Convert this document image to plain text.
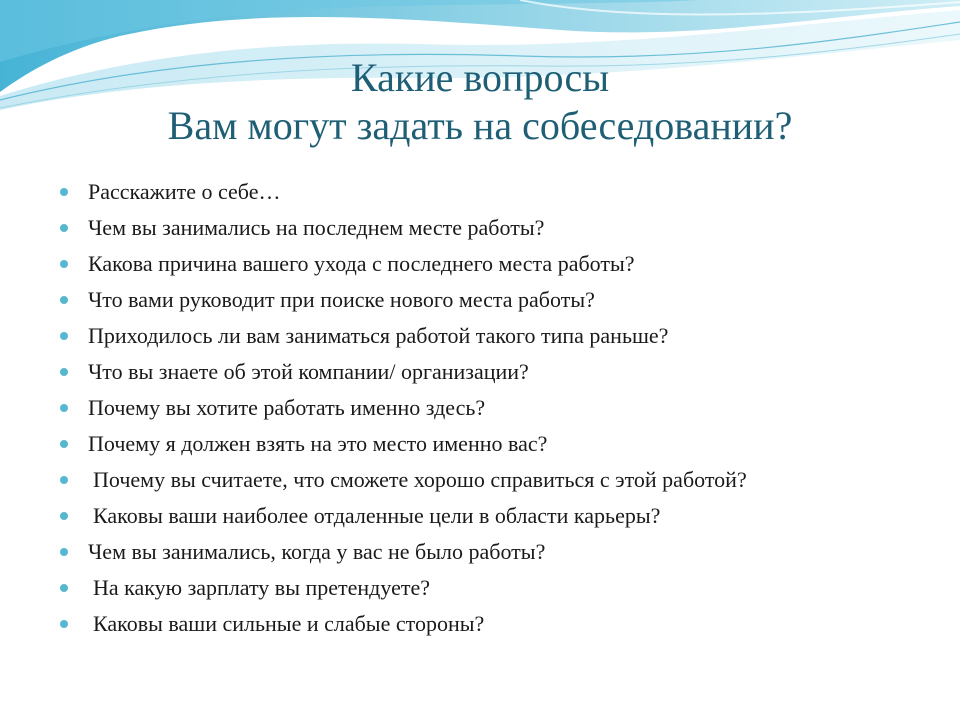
Какие вопросы
Вам могут задать на собеседовании?
Расскажите о себе…
Чем вы занимались на последнем месте работы?
Какова причина вашего ухода с последнего места работы?
Что вами руководит при поиске нового места работы?
Приходилось ли вам заниматься работой такого типа раньше?
Что вы знаете об этой компании/ организации?
Почему вы хотите работать именно здесь?
Почему я должен взять на это место именно вас?
Почему вы считаете, что сможете хорошо справиться с этой работой?
Каковы ваши наиболее отдаленные цели в области карьеры?
Чем вы занимались, когда у вас не было работы?
На какую зарплату вы претендуете?
Каковы ваши сильные и слабые стороны?
